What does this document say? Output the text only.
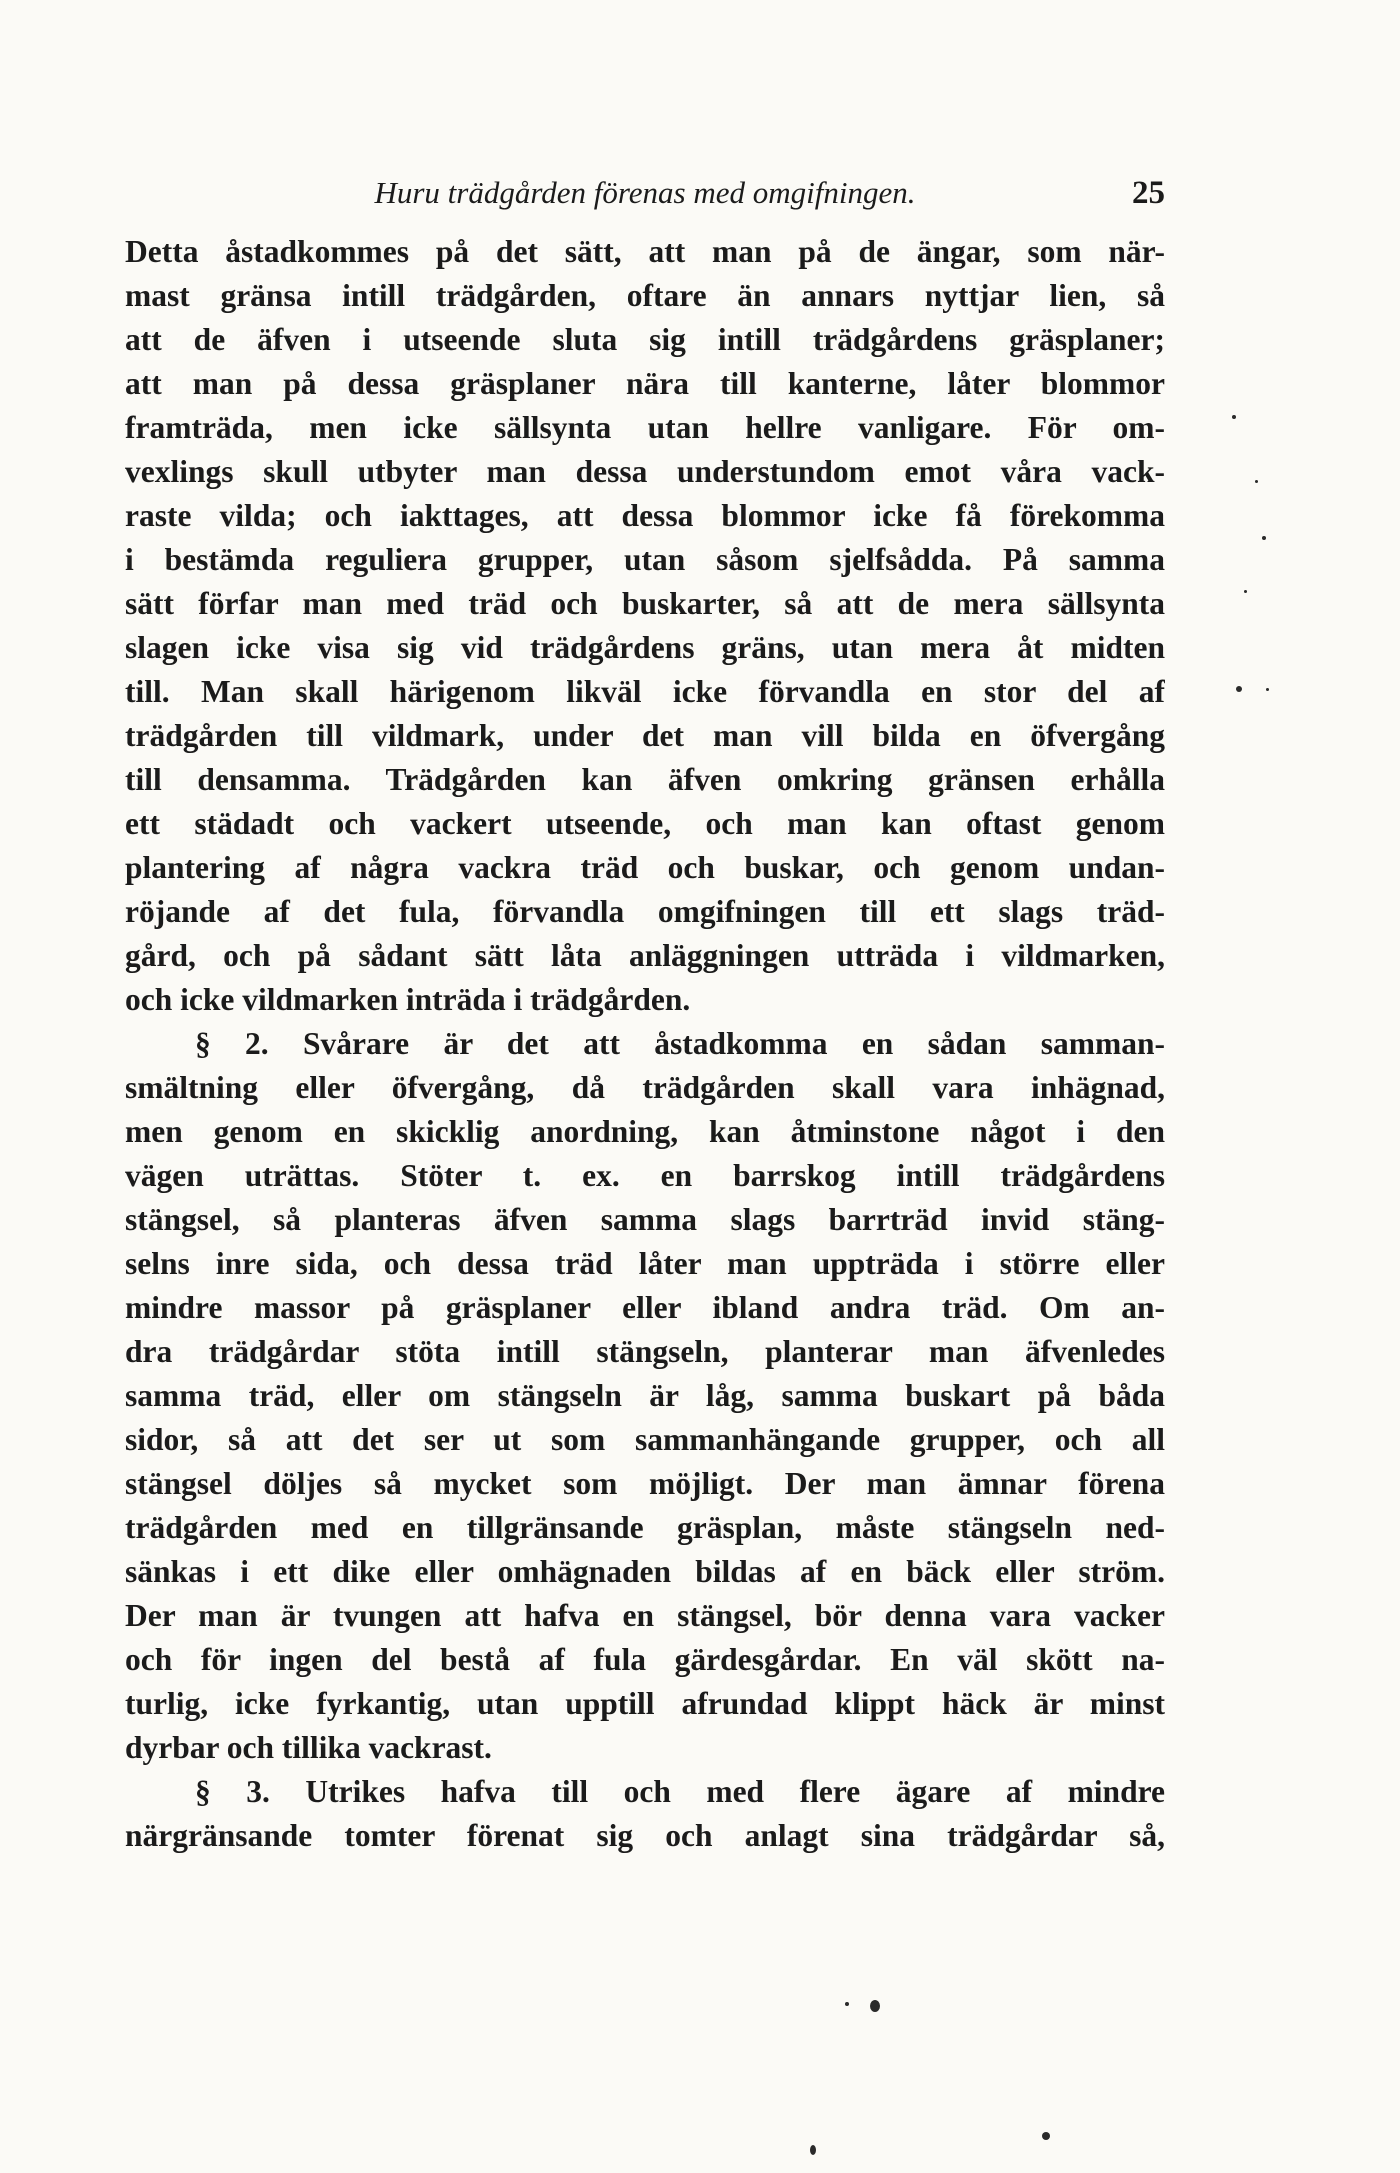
Huru trädgården förenas med omgifningen.	25
Detta åstadkommes på det sätt, att man på de ängar, som när-
mast gränsa intill trädgården, oftare än annars nyttjar lien, så
att de äfven i utseende sluta sig intill trädgårdens gräsplaner;
att man på dessa gräsplaner nära till kanterne, låter blommor
framträda, men icke sällsynta utan hellre vanligare. För om-
vexlings skull utbyter man dessa understundom emot våra vack-
raste vilda; och iakttages, att dessa blommor icke få förekomma
i bestämda reguliera grupper, utan såsom sjelfsådda. På samma
sätt förfar man med träd och buskarter, så att de mera sällsynta
slagen icke visa sig vid trädgårdens gräns, utan mera åt midten
till. Man skall härigenom likväl icke förvandla en stor del af
trädgården till vildmark, under det man vill bilda en öfvergång
till densamma. Trädgården kan äfven omkring gränsen erhålla
ett städadt och vackert utseende, och man kan oftast genom
plantering af några vackra träd och buskar, och genom undan-
röjande af det fula, förvandla omgifningen till ett slags träd-
gård, och på sådant sätt låta anläggningen utträda i vildmarken,
och icke vildmarken inträda i trädgården.
§ 2. Svårare är det att åstadkomma en sådan samman-
smältning eller öfvergång, då trädgården skall vara inhägnad,
men genom en skicklig anordning, kan åtminstone något i den
vägen uträttas. Stöter t. ex. en barrskog intill trädgårdens
stängsel, så planteras äfven samma slags barrträd invid stäng-
selns inre sida, och dessa träd låter man uppträda i större eller
mindre massor på gräsplaner eller ibland andra träd. Om an-
dra trädgårdar stöta intill stängseln, planterar man äfvenledes
samma träd, eller om stängseln är låg, samma buskart på båda
sidor, så att det ser ut som sammanhängande grupper, och all
stängsel döljes så mycket som möjligt. Der man ämnar förena
trädgården med en tillgränsande gräsplan, måste stängseln ned-
sänkas i ett dike eller omhägnaden bildas af en bäck eller ström.
Der man är tvungen att hafva en stängsel, bör denna vara vacker
och för ingen del bestå af fula gärdesgårdar. En väl skött na-
turlig, icke fyrkantig, utan upptill afrundad klippt häck är minst
dyrbar och tillika vackrast.
§ 3. Utrikes hafva till och med flere ägare af mindre
närgränsande tomter förenat sig och anlagt sina trädgårdar så,
